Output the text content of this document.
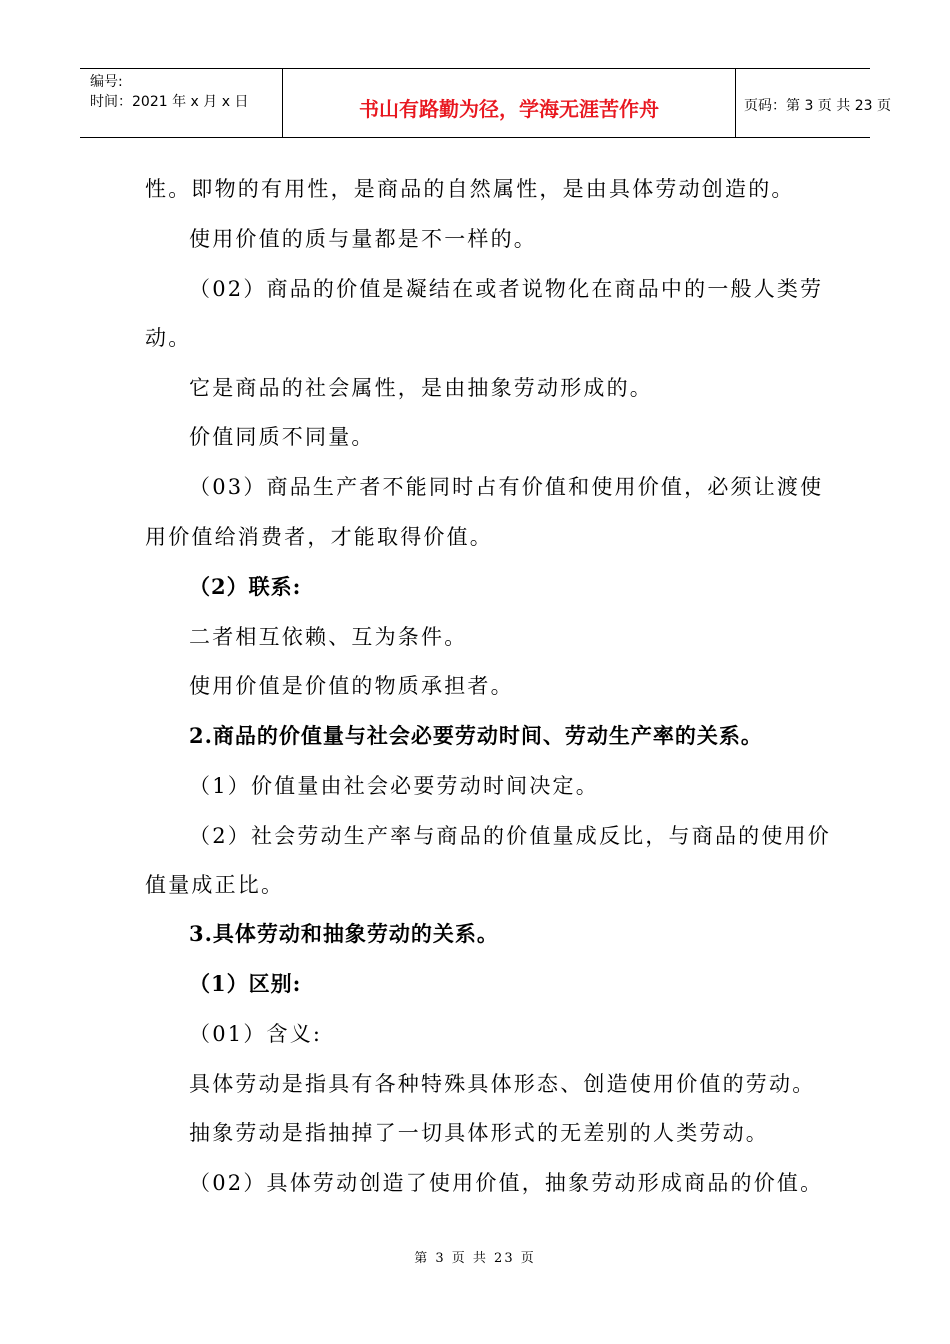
编号:
时间：2021 年 x 月 x 日	书山有路勤为径，学海无涯苦作舟	页码：第 3 页 共 23 页
性。即物的有用性，是商品的自然属性，是由具体劳动创造的。
使用价值的质与量都是不一样的。
（02）商品的价值是凝结在或者说物化在商品中的一般人类劳
动。
它是商品的社会属性，是由抽象劳动形成的。
价值同质不同量。
（03）商品生产者不能同时占有价值和使用价值，必须让渡使
用价值给消费者，才能取得价值。
（2）联系:
二者相互依赖、互为条件。
使用价值是价值的物质承担者。
2.商品的价值量与社会必要劳动时间、劳动生产率的关系。
（1）价值量由社会必要劳动时间决定。
（2）社会劳动生产率与商品的价值量成反比，与商品的使用价
值量成正比。
3.具体劳动和抽象劳动的关系。
（1）区别:
（01）含义:
具体劳动是指具有各种特殊具体形态、创造使用价值的劳动。
抽象劳动是指抽掉了一切具体形式的无差别的人类劳动。
（02）具体劳动创造了使用价值，抽象劳动形成商品的价值。
第 3 页 共 23 页
